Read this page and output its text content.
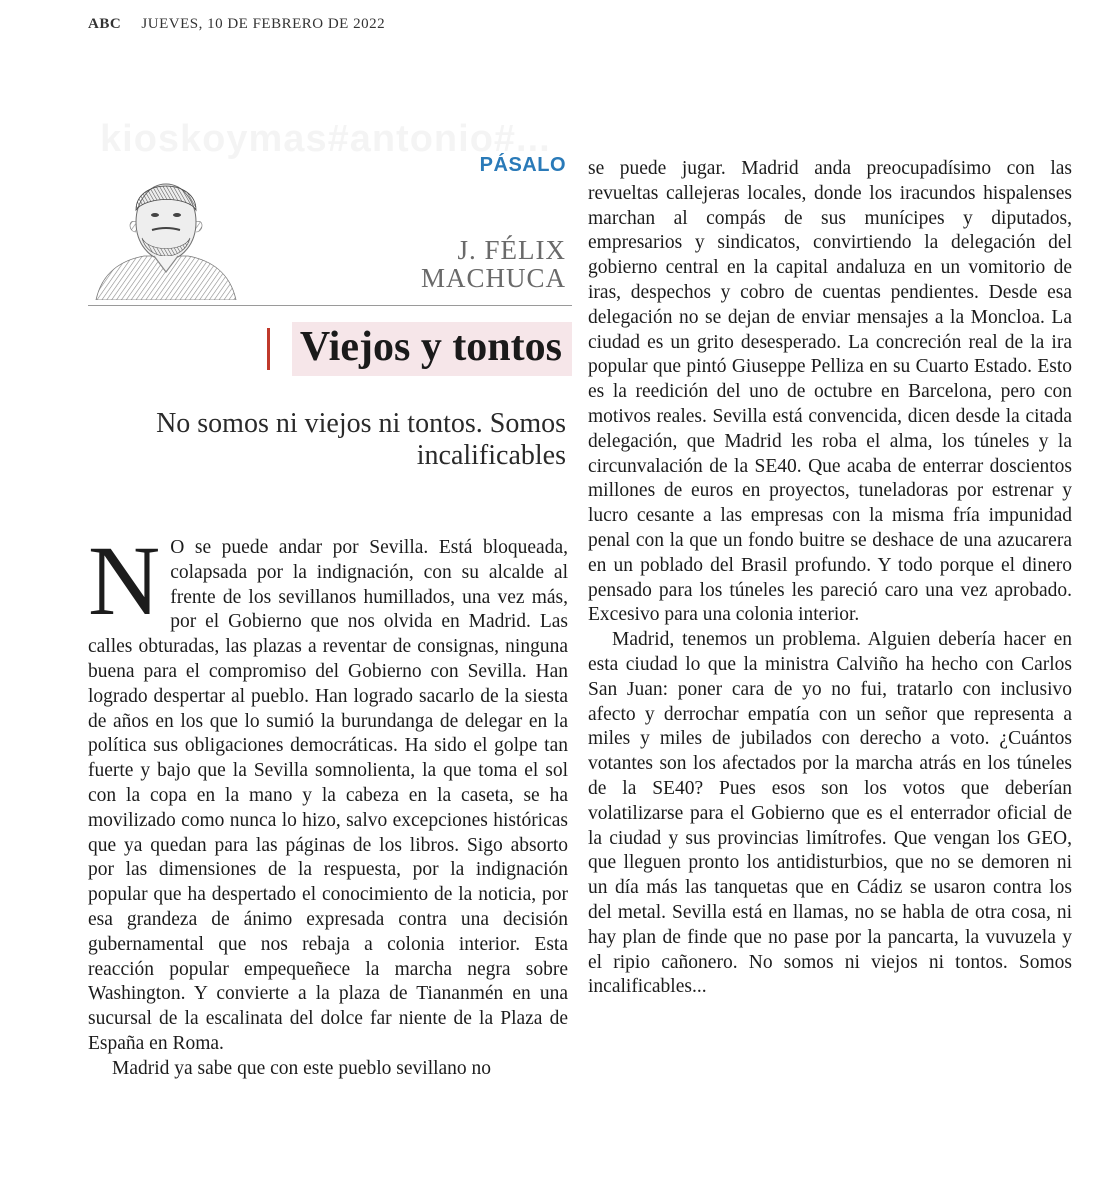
ABC JUEVES, 10 DE FEBRERO DE 2022
PÁSALO
J. FÉLIX
MACHUCA
Viejos y tontos
No somos ni viejos ni tontos. Somos incalificables

N O se puede andar por Sevilla. Está bloqueada, colapsada por la indignación, con su alcalde al frente de los sevillanos humillados, una vez más, por el Gobierno que nos olvida en Madrid. Las calles obturadas, las plazas a reventar de consignas, ninguna buena para el compromiso del Gobierno con Sevilla. Han logrado despertar al pueblo. Han logrado sacarlo de la siesta de años en los que lo sumió la burundanga de delegar en la política sus obligaciones democráticas. Ha sido el golpe tan fuerte y bajo que la Sevilla somnolienta, la que toma el sol con la copa en la mano y la cabeza en la caseta, se ha movilizado como nunca lo hizo, salvo excepciones históricas que ya quedan para las páginas de los libros. Sigo absorto por las dimensiones de la respuesta, por la indignación popular que ha despertado el conocimiento de la noticia, por esa grandeza de ánimo expresada contra una decisión gubernamental que nos rebaja a colonia interior. Esta reacción popular empequeñece la marcha negra sobre Washington. Y convierte a la plaza de Tiananmén en una sucursal de la escalinata del dolce far niente de la Plaza de España en Roma.

Madrid ya sabe que con este pueblo sevillano no

se puede jugar. Madrid anda preocupadísimo con las revueltas callejeras locales, donde los iracundos hispalenses marchan al compás de sus munícipes y diputados, empresarios y sindicatos, convirtiendo la delegación del gobierno central en la capital andaluza en un vomitorio de iras, despechos y cobro de cuentas pendientes. Desde esa delegación no se dejan de enviar mensajes a la Moncloa. La ciudad es un grito desesperado. La concreción real de la ira popular que pintó Giuseppe Pelliza en su Cuarto Estado. Esto es la reedición del uno de octubre en Barcelona, pero con motivos reales. Sevilla está convencida, dicen desde la citada delegación, que Madrid les roba el alma, los túneles y la circunvalación de la SE40. Que acaba de enterrar doscientos millones de euros en proyectos, tuneladoras por estrenar y lucro cesante a las empresas con la misma fría impunidad penal con la que un fondo buitre se deshace de una azucarera en un poblado del Brasil profundo. Y todo porque el dinero pensado para los túneles les pareció caro una vez aprobado. Excesivo para una colonia interior.

Madrid, tenemos un problema. Alguien debería hacer en esta ciudad lo que la ministra Calviño ha hecho con Carlos San Juan: poner cara de yo no fui, tratarlo con inclusivo afecto y derrochar empatía con un señor que representa a miles y miles de jubilados con derecho a voto. ¿Cuántos votantes son los afectados por la marcha atrás en los túneles de la SE40? Pues esos son los votos que deberían volatilizarse para el Gobierno que es el enterrador oficial de la ciudad y sus provincias limítrofes. Que vengan los GEO, que lleguen pronto los antidisturbios, que no se demoren ni un día más las tanquetas que en Cádiz se usaron contra los del metal. Sevilla está en llamas, no se habla de otra cosa, ni hay plan de finde que no pase por la pancarta, la vuvuzela y el ripio cañonero. No somos ni viejos ni tontos. Somos incalificables...
